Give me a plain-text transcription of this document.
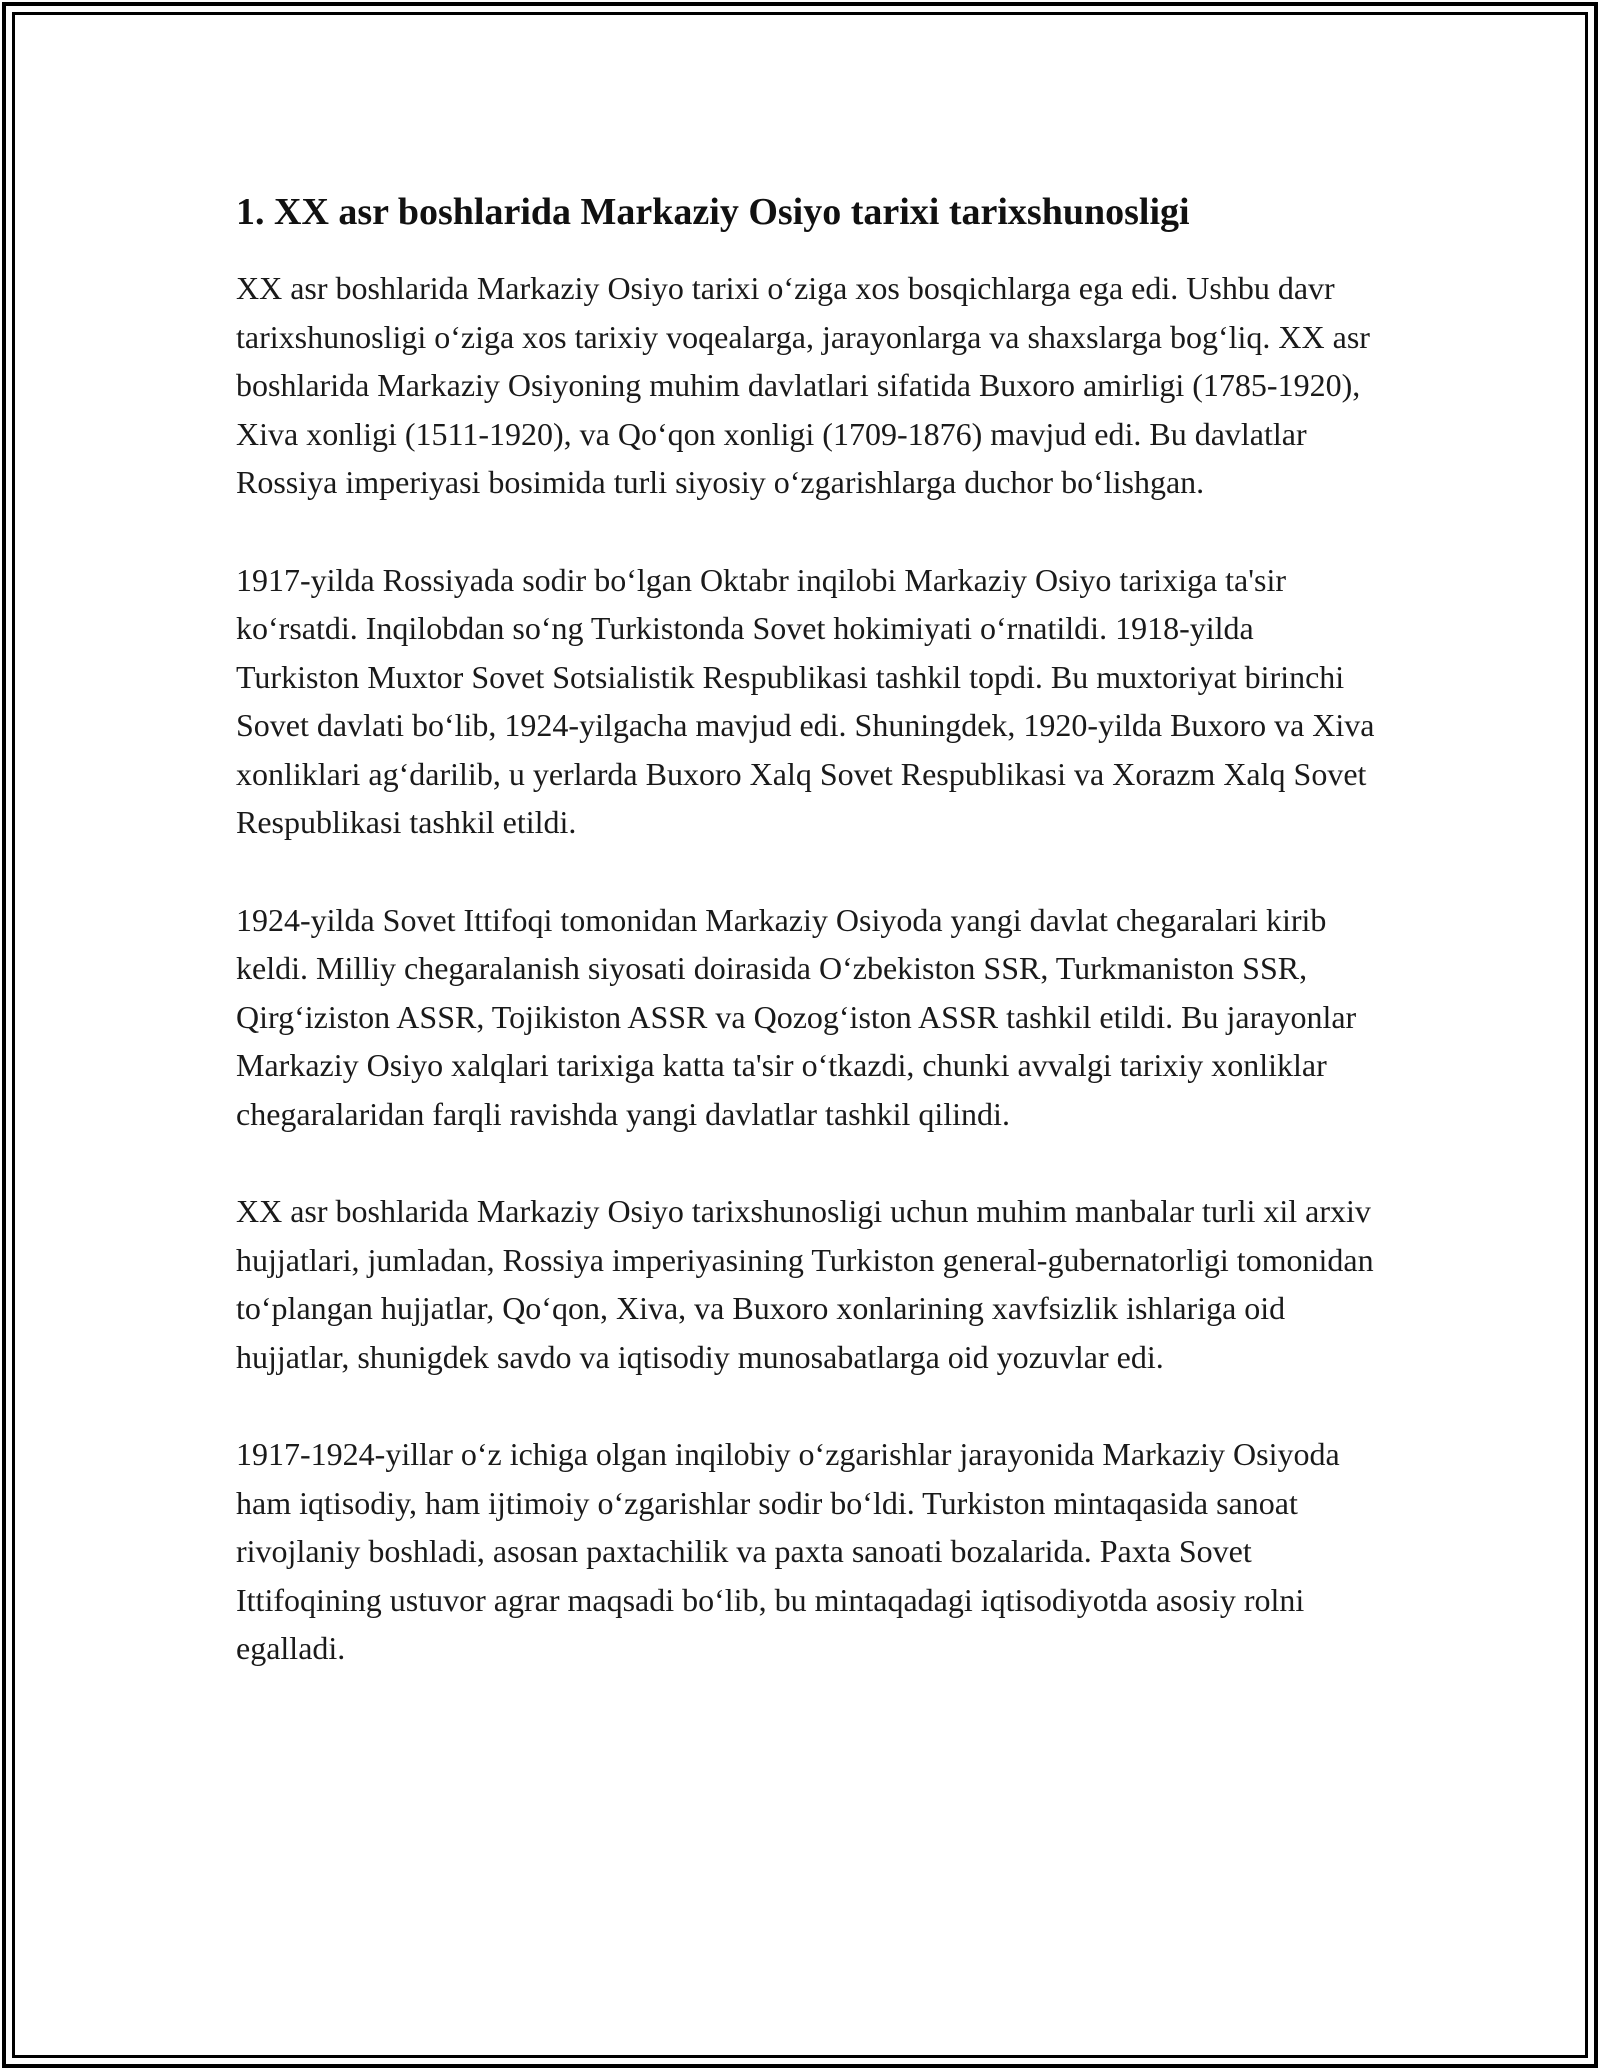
1. XX asr boshlarida Markaziy Osiyo tarixi tarixshunosligi

XX asr boshlarida Markaziy Osiyo tarixi o‘ziga xos bosqichlarga ega edi. Ushbu davr tarixshunosligi o‘ziga xos tarixiy voqealarga, jarayonlarga va shaxslarga bog‘liq. XX asr boshlarida Markaziy Osiyoning muhim davlatlari sifatida Buxoro amirligi (1785-1920), Xiva xonligi (1511-1920), va Qo‘qon xonligi (1709-1876) mavjud edi. Bu davlatlar Rossiya imperiyasi bosimida turli siyosiy o‘zgarishlarga duchor bo‘lishgan.

1917-yilda Rossiyada sodir bo‘lgan Oktabr inqilobi Markaziy Osiyo tarixiga ta'sir ko‘rsatdi. Inqilobdan so‘ng Turkistonda Sovet hokimiyati o‘rnatildi. 1918-yilda Turkiston Muxtor Sovet Sotsialistik Respublikasi tashkil topdi. Bu muxtoriyat birinchi Sovet davlati bo‘lib, 1924-yilgacha mavjud edi. Shuningdek, 1920-yilda Buxoro va Xiva xonliklari ag‘darilib, u yerlarda Buxoro Xalq Sovet Respublikasi va Xorazm Xalq Sovet Respublikasi tashkil etildi.

1924-yilda Sovet Ittifoqi tomonidan Markaziy Osiyoda yangi davlat chegaralari kirib keldi. Milliy chegaralanish siyosati doirasida O‘zbekiston SSR, Turkmaniston SSR, Qirg‘iziston ASSR, Tojikiston ASSR va Qozog‘iston ASSR tashkil etildi. Bu jarayonlar Markaziy Osiyo xalqlari tarixiga katta ta'sir o‘tkazdi, chunki avvalgi tarixiy xonliklar chegaralaridan farqli ravishda yangi davlatlar tashkil qilindi.

XX asr boshlarida Markaziy Osiyo tarixshunosligi uchun muhim manbalar turli xil arxiv hujjatlari, jumladan, Rossiya imperiyasining Turkiston general-gubernatorligi tomonidan to‘plangan hujjatlar, Qo‘qon, Xiva, va Buxoro xonlarining xavfsizlik ishlariga oid hujjatlar, shunigdek savdo va iqtisodiy munosabatlarga oid yozuvlar edi.

1917-1924-yillar o‘z ichiga olgan inqilobiy o‘zgarishlar jarayonida Markaziy Osiyoda ham iqtisodiy, ham ijtimoiy o‘zgarishlar sodir bo‘ldi. Turkiston mintaqasida sanoat rivojlaniy boshladi, asosan paxtachilik va paxta sanoati bozalarida. Paxta Sovet Ittifoqining ustuvor agrar maqsadi bo‘lib, bu mintaqadagi iqtisodiyotda asosiy rolni egalladi.
